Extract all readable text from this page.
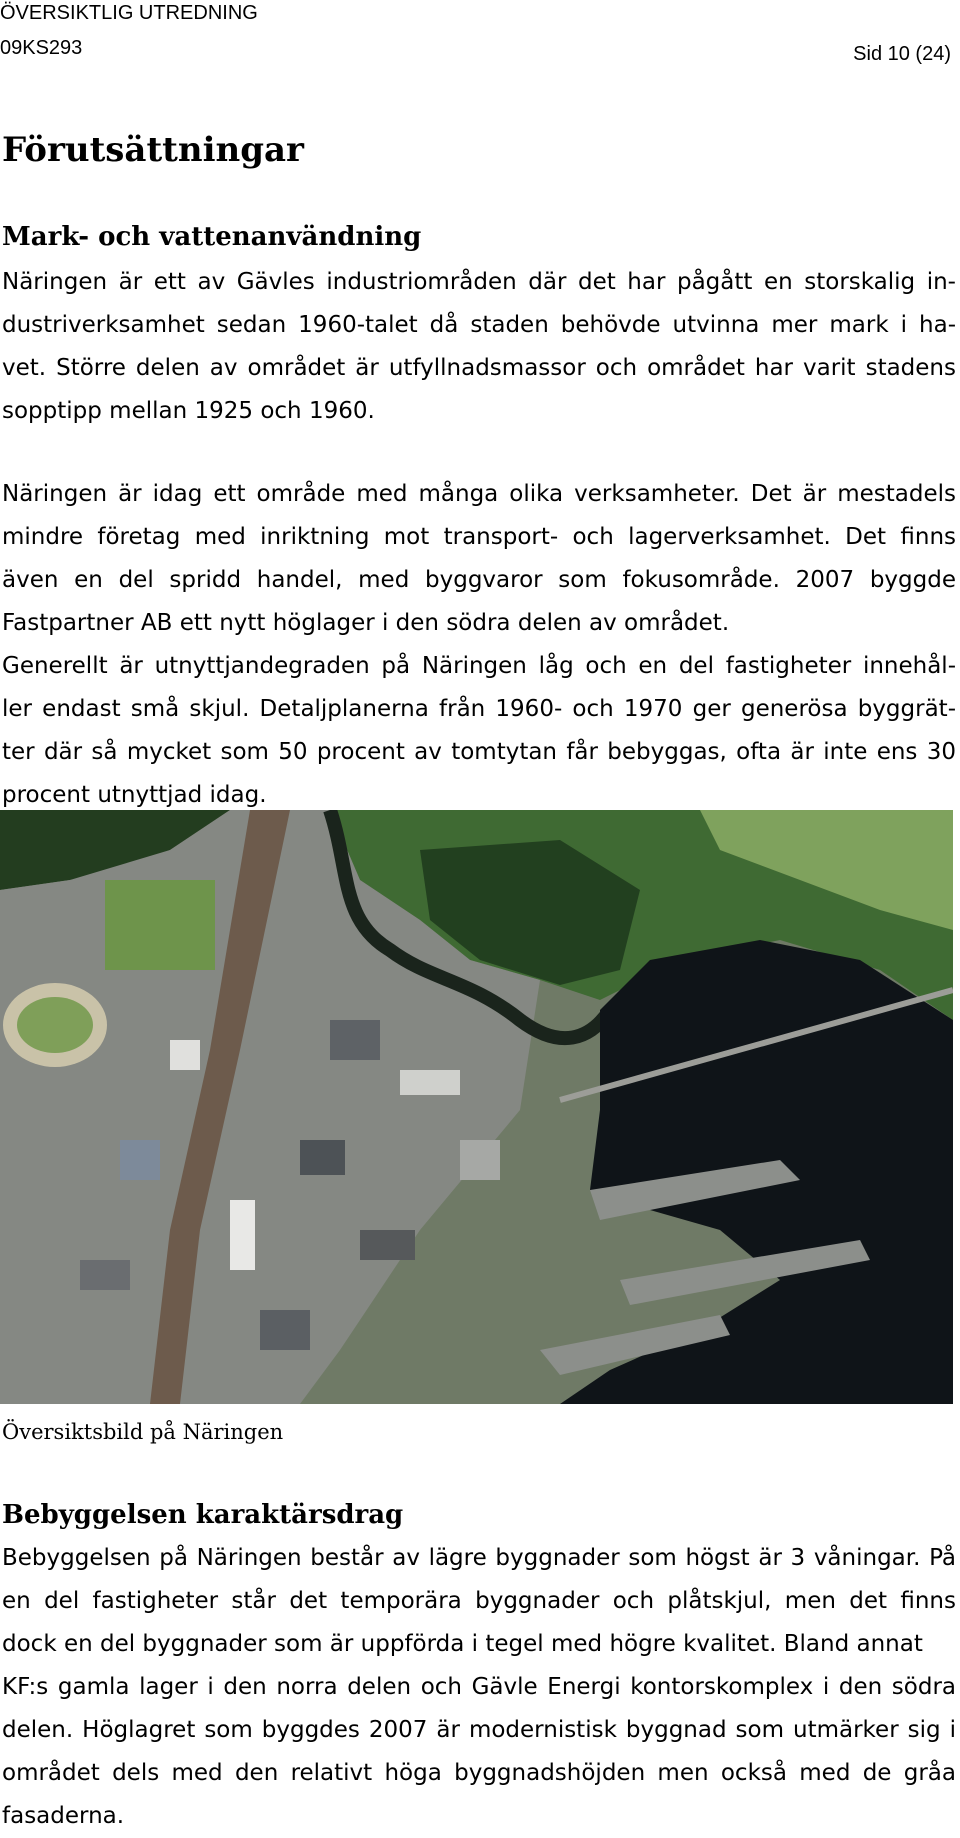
ÖVERSIKTLIG UTREDNING
09KS293	Sid 10 (24)
Förutsättningar
Mark- och vattenanvändning
Näringen är ett av Gävles industriområden där det har pågått en storskalig in-
dustriverksamhet sedan 1960-talet då staden behövde utvinna mer mark i ha-
vet. Större delen av området är utfyllnadsmassor och området har varit stadens
sopptipp mellan 1925 och 1960.
Näringen är idag ett område med många olika verksamheter. Det är mestadels
mindre företag med inriktning mot transport- och lagerverksamhet. Det finns
även en del spridd handel, med byggvaror som fokusområde. 2007 byggde
Fastpartner AB ett nytt höglager i den södra delen av området.
Generellt är utnyttjandegraden på Näringen låg och en del fastigheter innehål-
ler endast små skjul. Detaljplanerna från 1960- och 1970 ger generösa byggrät-
ter där så mycket som 50 procent av tomtytan får bebyggas, ofta är inte ens 30
procent utnyttjad idag.
Översiktsbild på Näringen
Bebyggelsen karaktärsdrag
Bebyggelsen på Näringen består av lägre byggnader som högst är 3 våningar. På
en del fastigheter står det temporära byggnader och plåtskjul, men det finns
dock en del byggnader som är uppförda i tegel med högre kvalitet. Bland annat
KF:s gamla lager i den norra delen och Gävle Energi kontorskomplex i den södra
delen. Höglagret som byggdes 2007 är modernistisk byggnad som utmärker sig i
området dels med den relativt höga byggnadshöjden men också med de gråa
fasaderna.
